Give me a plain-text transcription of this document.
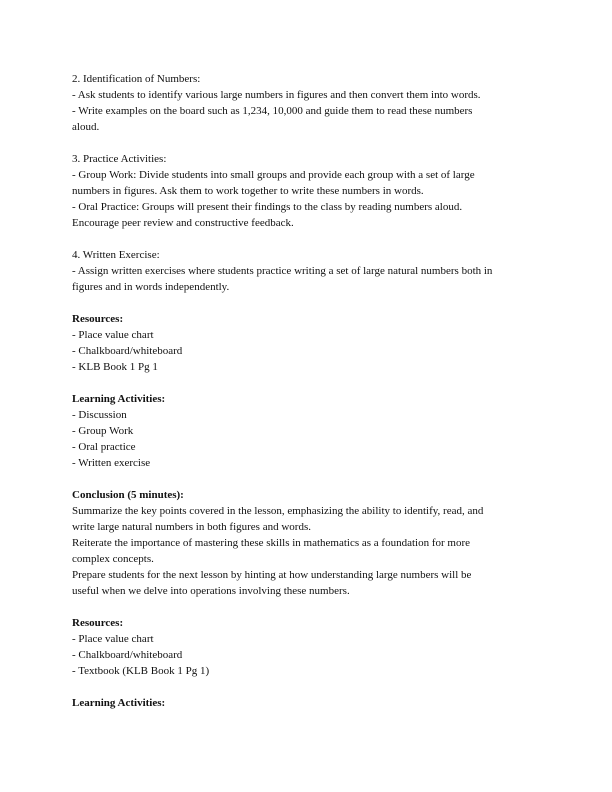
2. Identification of Numbers:
- Ask students to identify various large numbers in figures and then convert them into words.
- Write examples on the board such as 1,234, 10,000 and guide them to read these numbers
aloud.
3. Practice Activities:
- Group Work: Divide students into small groups and provide each group with a set of large
numbers in figures. Ask them to work together to write these numbers in words.
- Oral Practice: Groups will present their findings to the class by reading numbers aloud.
Encourage peer review and constructive feedback.
4. Written Exercise:
- Assign written exercises where students practice writing a set of large natural numbers both in
figures and in words independently.
Resources:
- Place value chart
- Chalkboard/whiteboard
- KLB Book 1 Pg 1
Learning Activities:
- Discussion
- Group Work
- Oral practice
- Written exercise
Conclusion (5 minutes):
Summarize the key points covered in the lesson, emphasizing the ability to identify, read, and
write large natural numbers in both figures and words.
Reiterate the importance of mastering these skills in mathematics as a foundation for more
complex concepts.
Prepare students for the next lesson by hinting at how understanding large numbers will be
useful when we delve into operations involving these numbers.
Resources:
- Place value chart
- Chalkboard/whiteboard
- Textbook (KLB Book 1 Pg 1)
Learning Activities:
